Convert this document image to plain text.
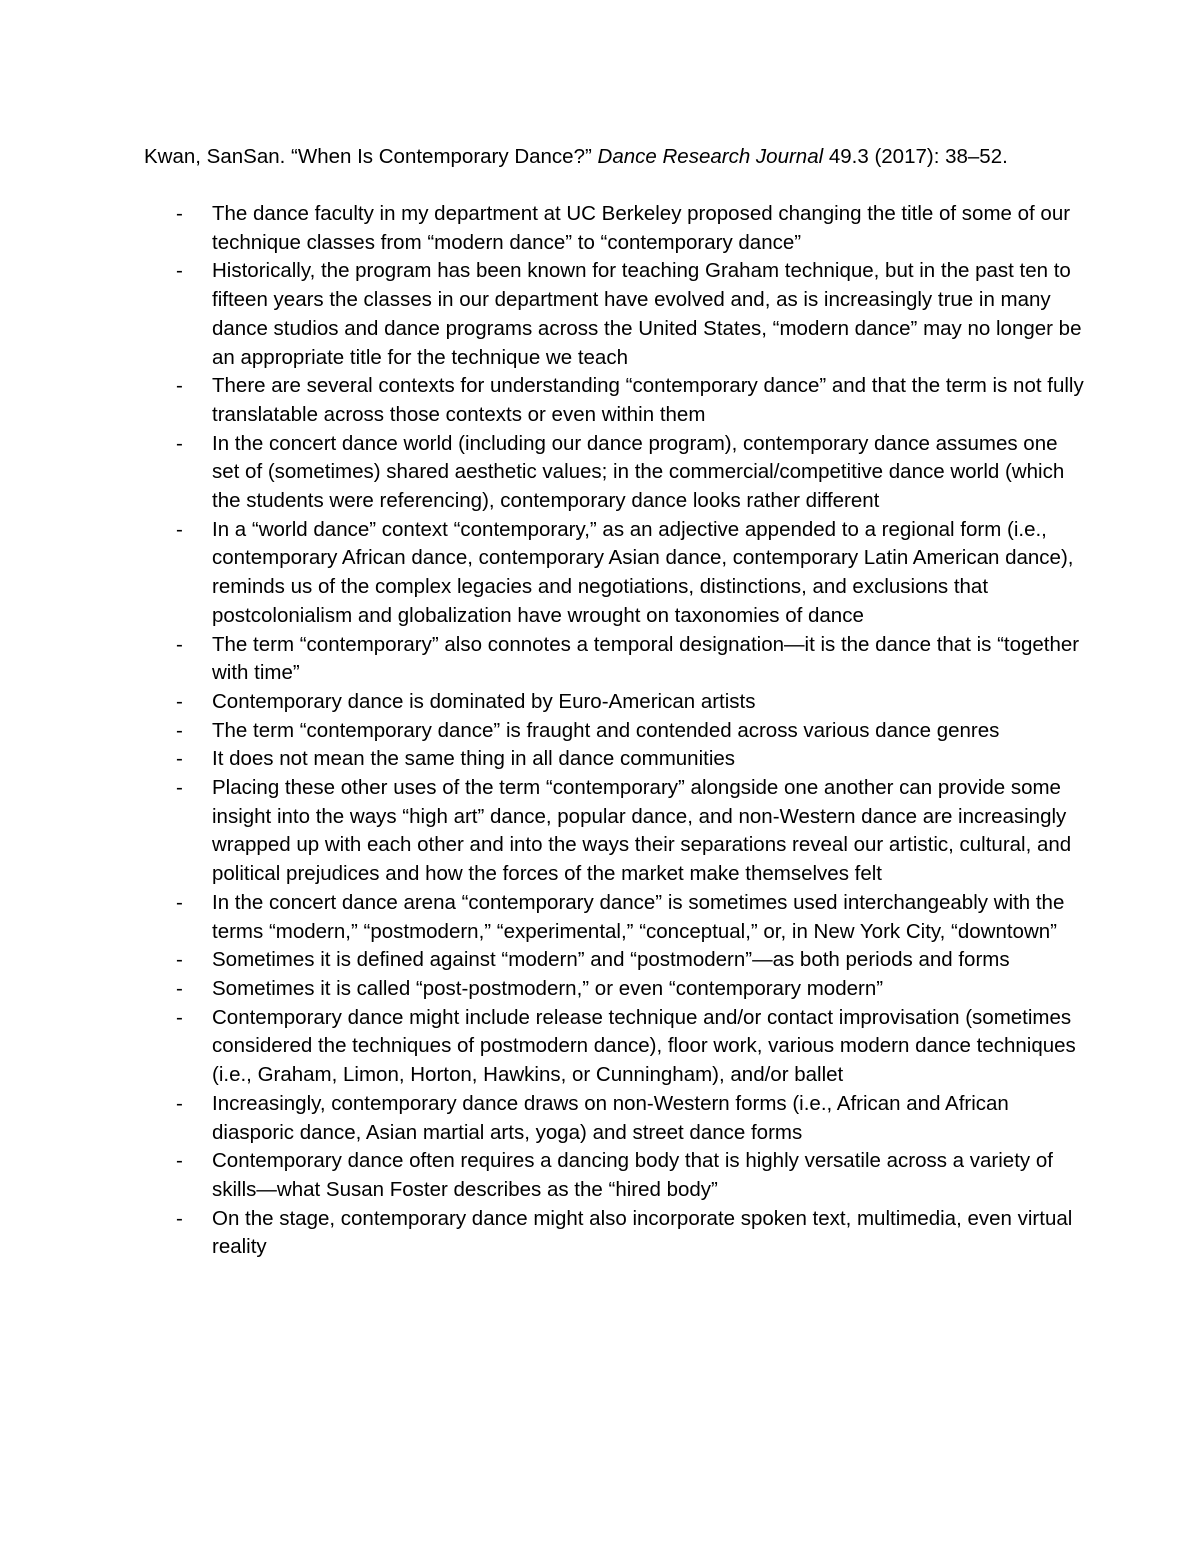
Kwan, SanSan. “When Is Contemporary Dance?” Dance Research Journal 49.3 (2017): 38–52.
- The dance faculty in my department at UC Berkeley proposed changing the title of some of our technique classes from “modern dance” to “contemporary dance”
- Historically, the program has been known for teaching Graham technique, but in the past ten to fifteen years the classes in our department have evolved and, as is increasingly true in many dance studios and dance programs across the United States, “modern dance” may no longer be an appropriate title for the technique we teach
- There are several contexts for understanding “contemporary dance” and that the term is not fully translatable across those contexts or even within them
- In the concert dance world (including our dance program), contemporary dance assumes one set of (sometimes) shared aesthetic values; in the commercial/competitive dance world (which the students were referencing), contemporary dance looks rather different
- In a “world dance” context “contemporary,” as an adjective appended to a regional form (i.e., contemporary African dance, contemporary Asian dance, contemporary Latin American dance), reminds us of the complex legacies and negotiations, distinctions, and exclusions that postcolonialism and globalization have wrought on taxonomies of dance
- The term “contemporary” also connotes a temporal designation—it is the dance that is “together with time”
- Contemporary dance is dominated by Euro-American artists
- The term “contemporary dance” is fraught and contended across various dance genres
- It does not mean the same thing in all dance communities
- Placing these other uses of the term “contemporary” alongside one another can provide some insight into the ways “high art” dance, popular dance, and non-Western dance are increasingly wrapped up with each other and into the ways their separations reveal our artistic, cultural, and political prejudices and how the forces of the market make themselves felt
- In the concert dance arena “contemporary dance” is sometimes used interchangeably with the terms “modern,” “postmodern,” “experimental,” “conceptual,” or, in New York City, “downtown”
- Sometimes it is defined against “modern” and “postmodern”—as both periods and forms
- Sometimes it is called “post-postmodern,” or even “contemporary modern”
- Contemporary dance might include release technique and/or contact improvisation (sometimes considered the techniques of postmodern dance), floor work, various modern dance techniques (i.e., Graham, Limon, Horton, Hawkins, or Cunningham), and/or ballet
- Increasingly, contemporary dance draws on non-Western forms (i.e., African and African diasporic dance, Asian martial arts, yoga) and street dance forms
- Contemporary dance often requires a dancing body that is highly versatile across a variety of skills—what Susan Foster describes as the “hired body”
- On the stage, contemporary dance might also incorporate spoken text, multimedia, even virtual reality
